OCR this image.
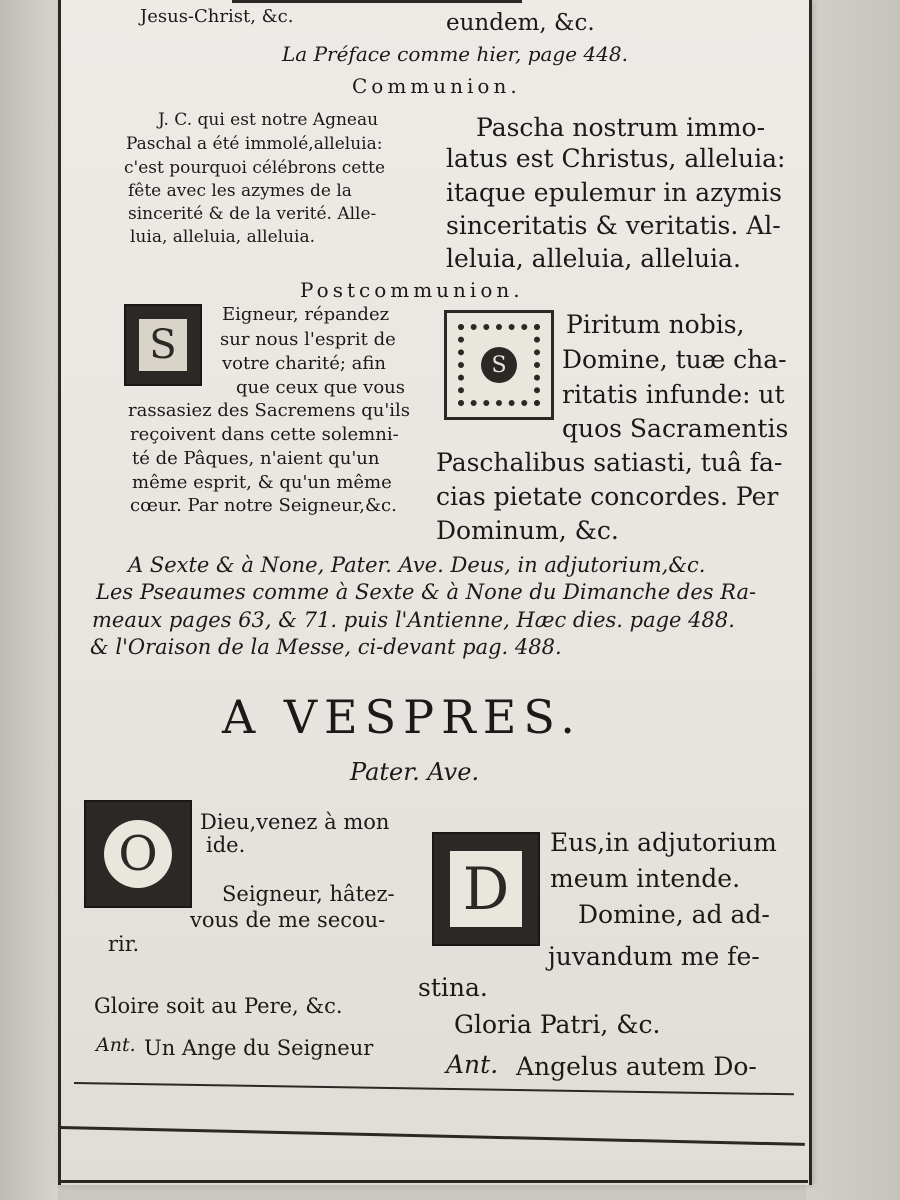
Jesus-Christ, &c.	eundem, &c.
La Préface comme hier, page 448.
Communion.
J. C. qui est notre Agneau
Paschal a été immolé,alleluia:
c'est pourquoi célébrons cette
fête avec les azymes de la
sincerité & de la verité. Alle-
luia, alleluia, alleluia.
Pascha nostrum immo-
latus est Christus, alleluia:
itaque epulemur in azymis
sinceritatis & veritatis. Al-
leluia, alleluia, alleluia.
Postcommunion.
S	S
Eigneur, répandez
sur nous l'esprit de
votre charité; afin
que ceux que vous
rassasiez des Sacremens qu'ils
reçoivent dans cette solemni-
té de Pâques, n'aient qu'un
même esprit, & qu'un même
cœur. Par notre Seigneur,&c.
Piritum nobis,
Domine, tuæ cha-
ritatis infunde: ut
quos Sacramentis
Paschalibus satiasti, tuâ fa-
cias pietate concordes. Per
Dominum, &c.
A Sexte & à None, Pater. Ave. Deus, in adjutorium,&c.
Les Pseaumes comme à Sexte & à None du Dimanche des Ra-
meaux pages 63, & 71. puis l'Antienne, Hæc dies. page 488.
& l'Oraison de la Messe, ci-devant pag. 488.
A VESPRES.
Pater. Ave.
O
D
Dieu,venez à mon
ide.
Seigneur, hâtez-
vous de me secou-
rir.
Eus,in adjutorium
meum intende.
Domine, ad ad-
juvandum me fe-
stina.
Gloire soit au Pere, &c.
Gloria Patri, &c.
Ant. Un Ange du Seigneur
Ant. Angelus autem Do-
